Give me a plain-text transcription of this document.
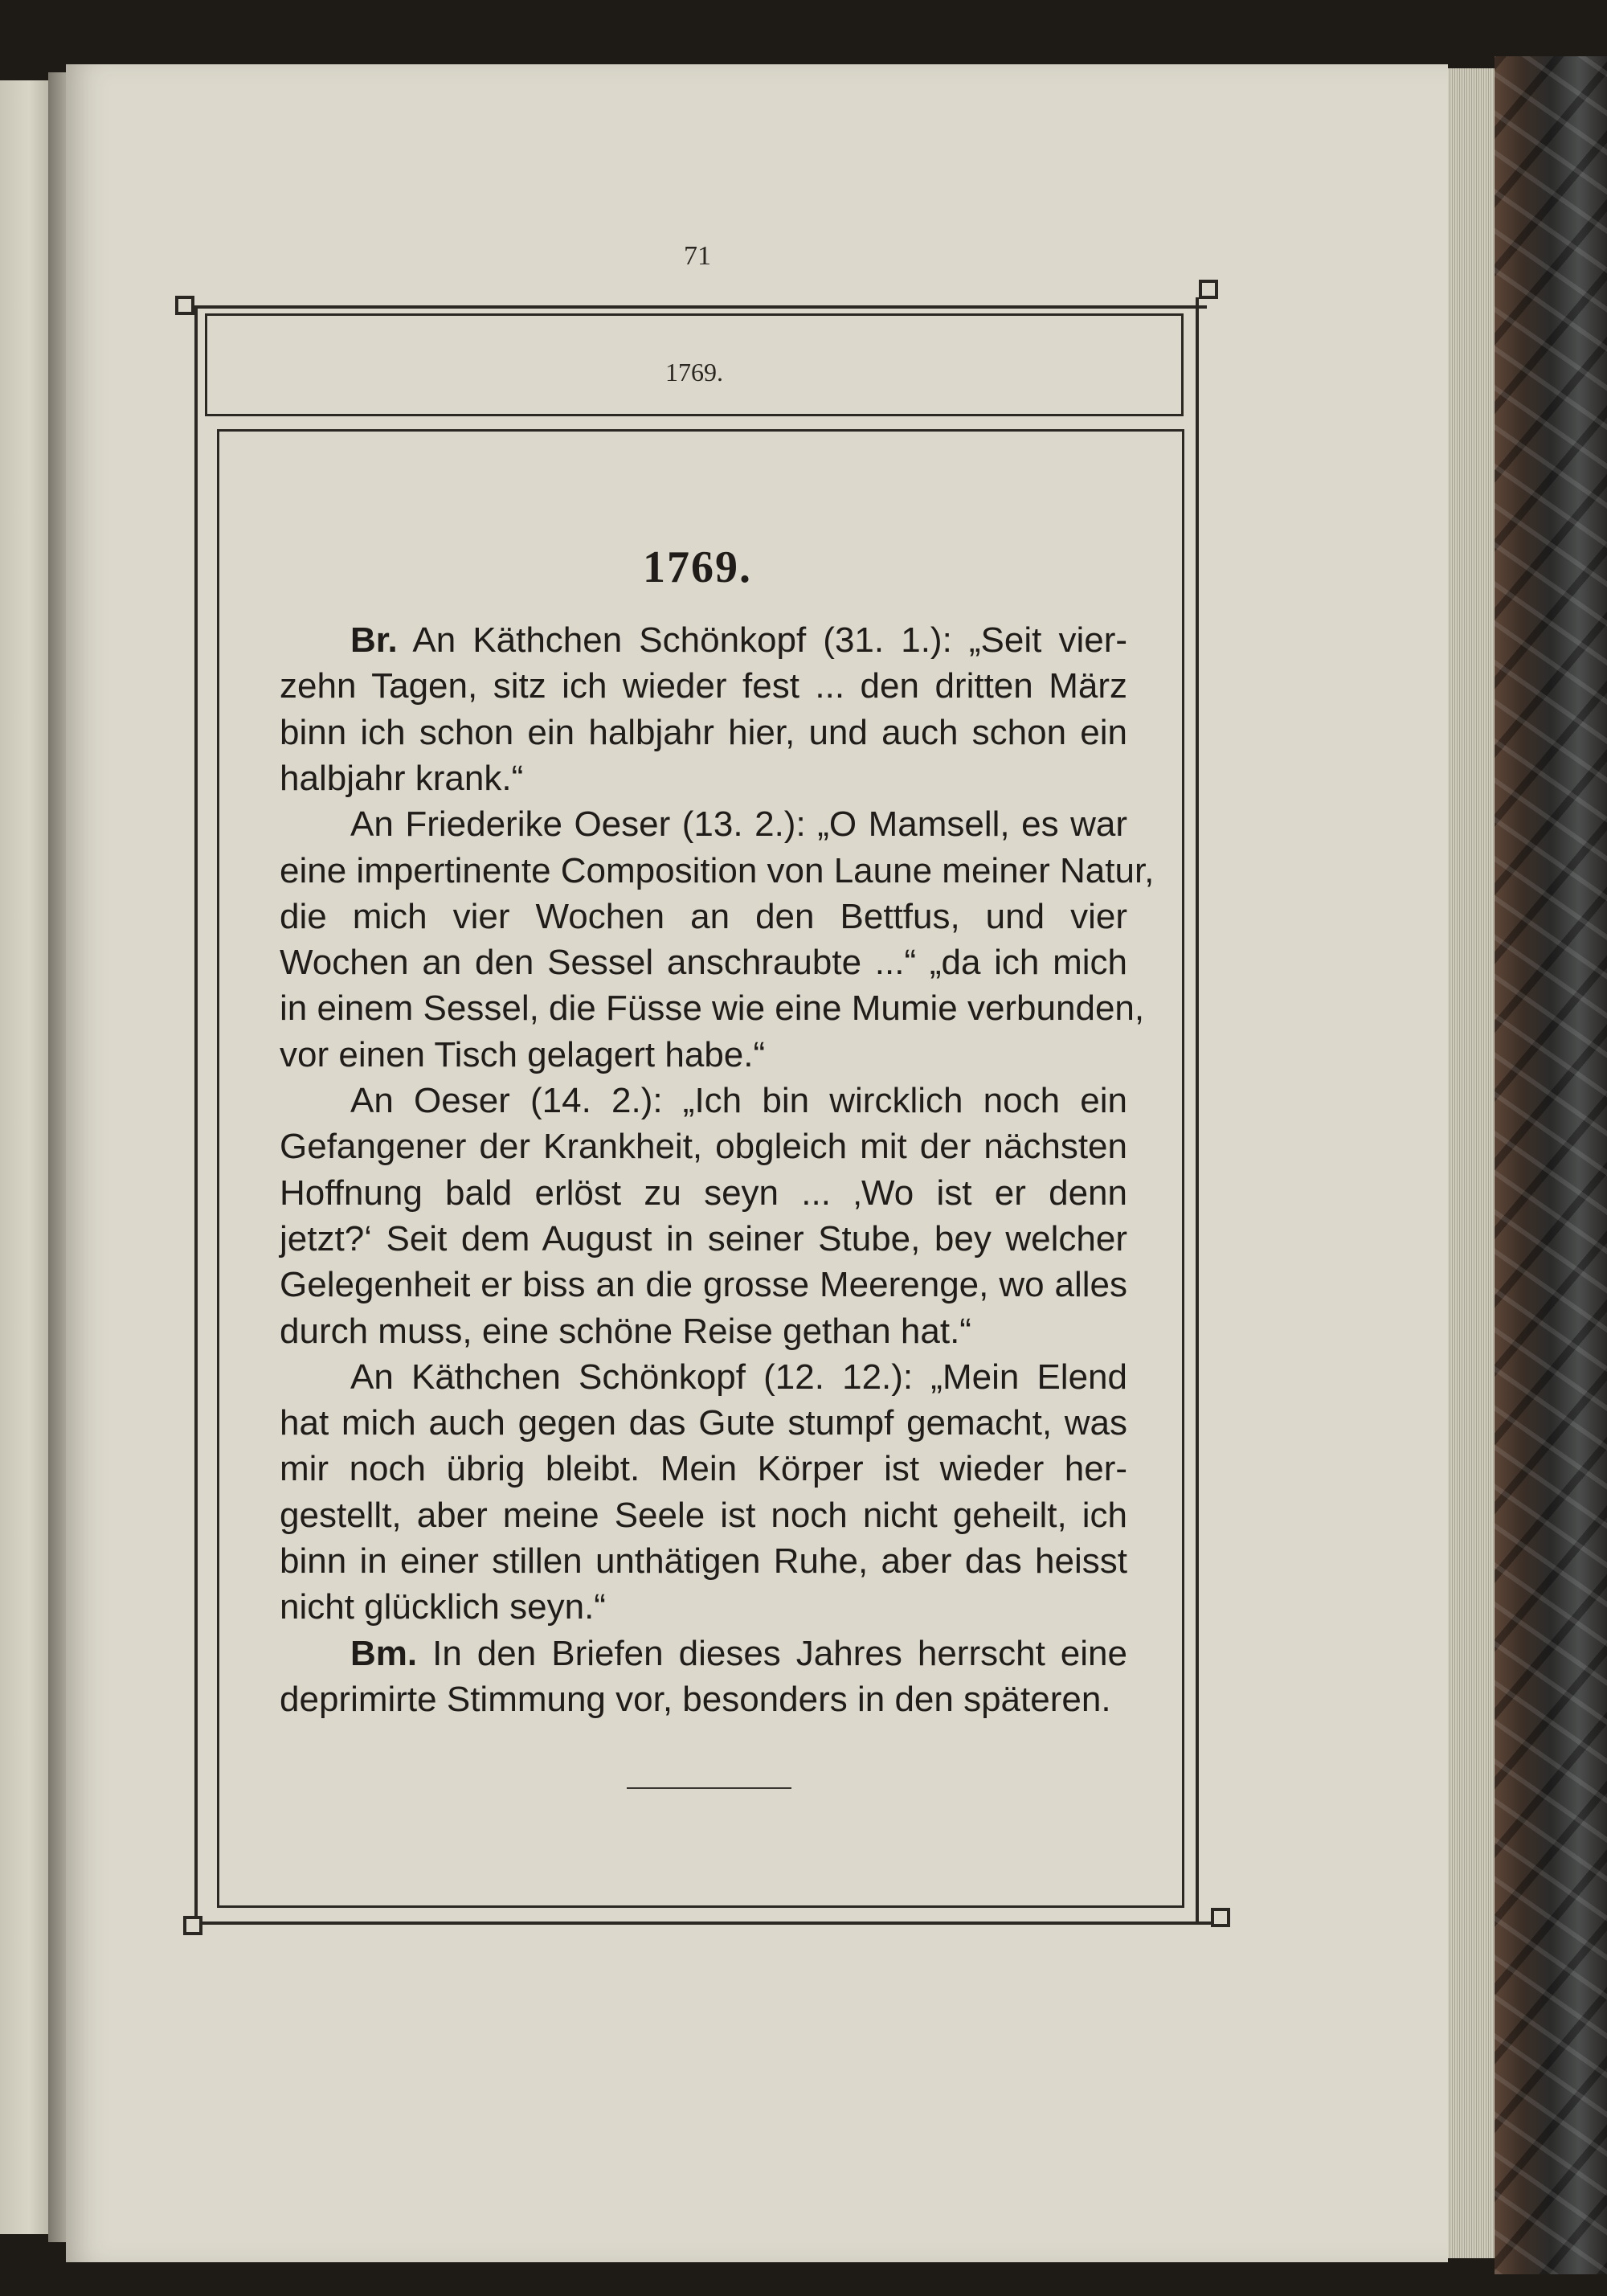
71
1769.
1769.
Br. An Käthchen Schönkopf (31. 1.): „Seit vier-
zehn Tagen, sitz ich wieder fest ... den dritten März
binn ich schon ein halbjahr hier, und auch schon ein
halbjahr krank.“
An Friederike Oeser (13. 2.): „O Mamsell, es war
eine impertinente Composition von Laune meiner Natur,
die mich vier Wochen an den Bettfus, und vier
Wochen an den Sessel anschraubte ...“ „da ich mich
in einem Sessel, die Füsse wie eine Mumie verbunden,
vor einen Tisch gelagert habe.“
An Oeser (14. 2.): „Ich bin wircklich noch ein
Gefangener der Krankheit, obgleich mit der nächsten
Hoffnung bald erlöst zu seyn ... ‚Wo ist er denn
jetzt?‘ Seit dem August in seiner Stube, bey welcher
Gelegenheit er biss an die grosse Meerenge, wo alles
durch muss, eine schöne Reise gethan hat.“
An Käthchen Schönkopf (12. 12.): „Mein Elend
hat mich auch gegen das Gute stumpf gemacht, was
mir noch übrig bleibt. Mein Körper ist wieder her-
gestellt, aber meine Seele ist noch nicht geheilt, ich
binn in einer stillen unthätigen Ruhe, aber das heisst
nicht glücklich seyn.“
Bm. In den Briefen dieses Jahres herrscht eine
deprimirte Stimmung vor, besonders in den späteren.
